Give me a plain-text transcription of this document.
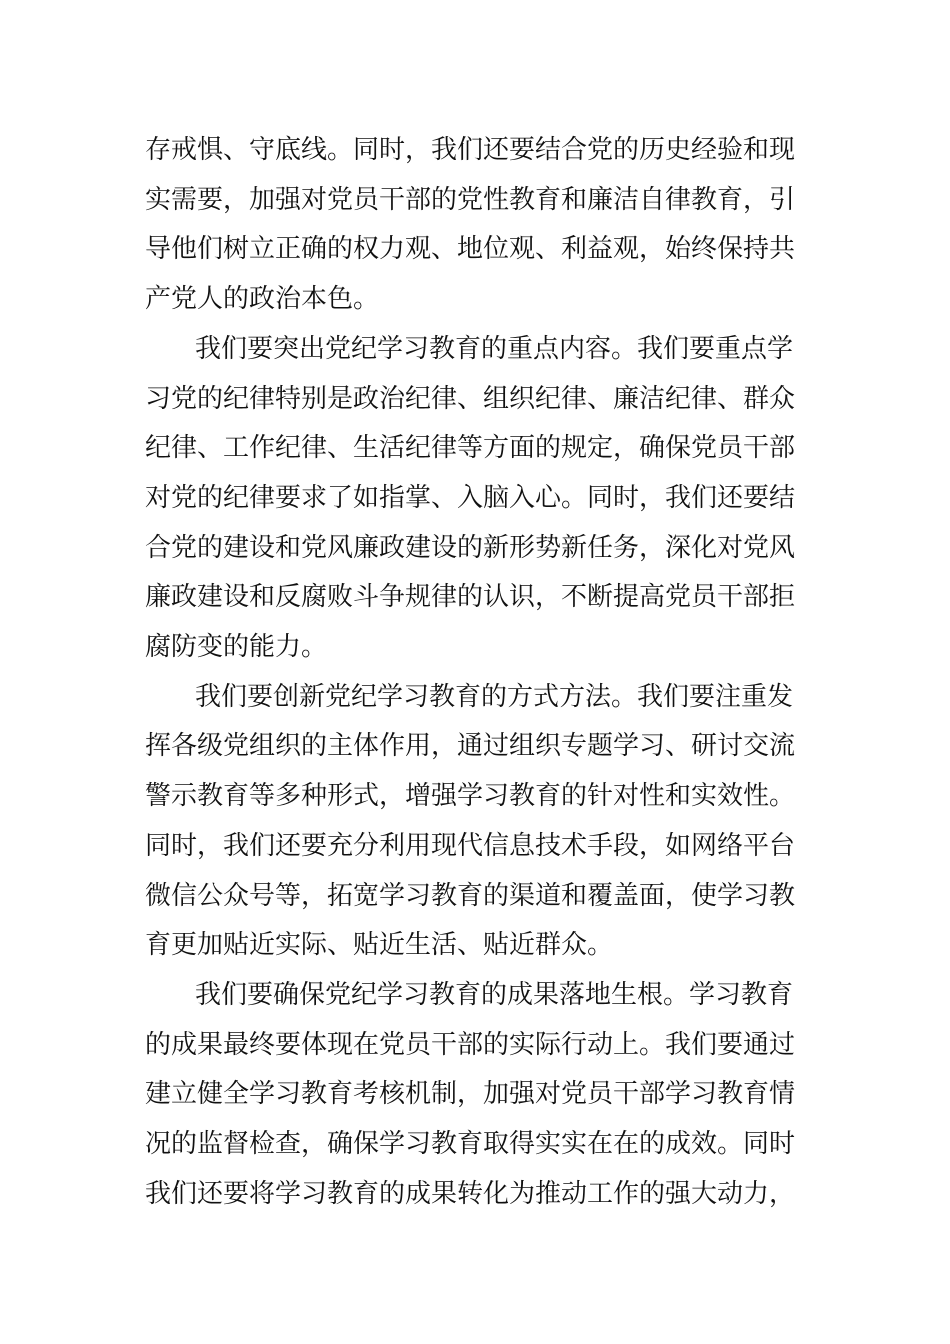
存戒惧、守底线。同时，我们还要结合党的历史经验和现
实需要，加强对党员干部的党性教育和廉洁自律教育，引
导他们树立正确的权力观、地位观、利益观，始终保持共
产党人的政治本色。
我们要突出党纪学习教育的重点内容。我们要重点学
习党的纪律特别是政治纪律、组织纪律、廉洁纪律、群众
纪律、工作纪律、生活纪律等方面的规定，确保党员干部
对党的纪律要求了如指掌、入脑入心。同时，我们还要结
合党的建设和党风廉政建设的新形势新任务，深化对党风
廉政建设和反腐败斗争规律的认识，不断提高党员干部拒
腐防变的能力。
我们要创新党纪学习教育的方式方法。我们要注重发
挥各级党组织的主体作用，通过组织专题学习、研讨交流
警示教育等多种形式，增强学习教育的针对性和实效性。
同时，我们还要充分利用现代信息技术手段，如网络平台
微信公众号等，拓宽学习教育的渠道和覆盖面，使学习教
育更加贴近实际、贴近生活、贴近群众。
我们要确保党纪学习教育的成果落地生根。学习教育
的成果最终要体现在党员干部的实际行动上。我们要通过
建立健全学习教育考核机制，加强对党员干部学习教育情
况的监督检查，确保学习教育取得实实在在的成效。同时
我们还要将学习教育的成果转化为推动工作的强大动力，
